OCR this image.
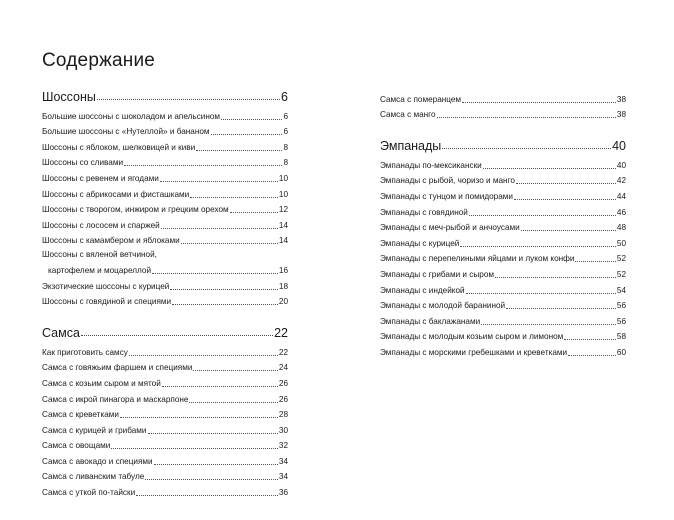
Содержание
Шоссоны	6
Большие шоссоны с шоколадом и апельсином	6
Большие шоссоны с «Нутеллой» и бананом	6
Шоссоны с яблоком, шелковицей и киви	8
Шоссоны со сливами	8
Шоссоны с ревенем и ягодами	10
Шоссоны с абрикосами и фисташками	10
Шоссоны с творогом, инжиром и грецким орехом	12
Шоссоны с лососем и спаржей	14
Шоссоны с камамбером и яблоками	14
Шоссоны с вяленой ветчиной,
картофелем и моцареллой	16
Экзотические шоссоны с курицей	18
Шоссоны с говядиной и специями	20
Самса	22
Как приготовить самсу	22
Самса с говяжьим фаршем и специями	24
Самса с козьим сыром и мятой	26
Самса с икрой пинагора и маскарпоне	26
Самса с креветками	28
Самса с курицей и грибами	30
Самса с овощами	32
Самса с авокадо и специями	34
Самса с ливанским табуле	34
Самса с уткой по-тайски	36
Самса с померанцем	38
Самса с манго	38
Эмпанады	40
Эмпанады по-мексикански	40
Эмпанады с рыбой, чоризо и манго	42
Эмпанады с тунцом и помидорами	44
Эмпанады с говядиной	46
Эмпанады с меч-рыбой и анчоусами	48
Эмпанады с курицей	50
Эмпанады с перепелиными яйцами и луком конфи	52
Эмпанады с грибами и сыром	52
Эмпанады с индейкой	54
Эмпанады с молодой бараниной	56
Эмпанады с баклажанами	56
Эмпанады с молодым козьим сыром и лимоном	58
Эмпанады с морскими гребешками и креветками	60
